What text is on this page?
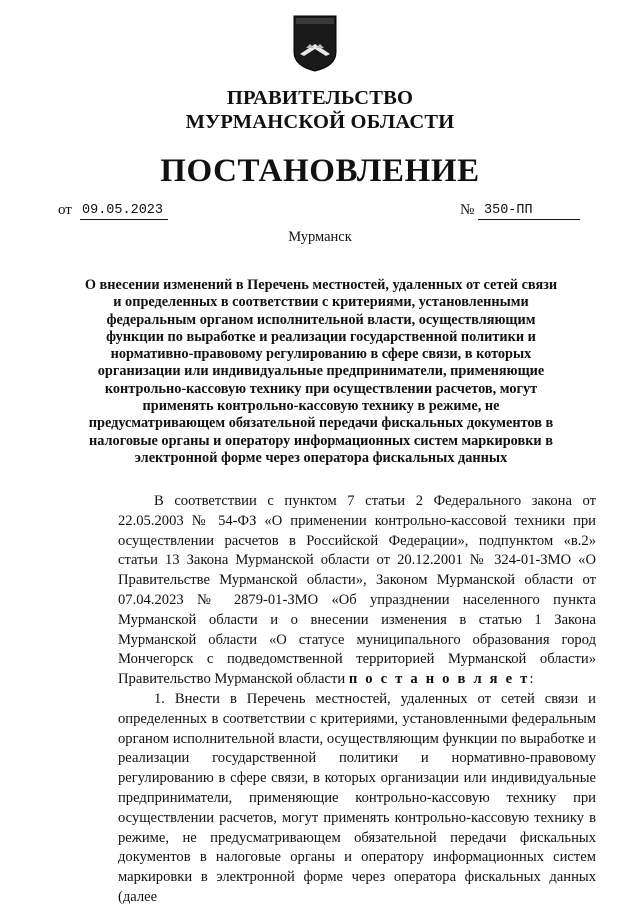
ПРАВИТЕЛЬСТВО
МУРМАНСКОЙ ОБЛАСТИ
ПОСТАНОВЛЕНИЕ
от 09.05.2023	№ 350-ПП
Мурманск
О внесении изменений в Перечень местностей, удаленных от сетей связи и определенных в соответствии с критериями, установленными федеральным органом исполнительной власти, осуществляющим функции по выработке и реализации государственной политики и нормативно-правовому регулированию в сфере связи, в которых организации или индивидуальные предприниматели, применяющие контрольно-кассовую технику при осуществлении расчетов, могут применять контрольно-кассовую технику в режиме, не предусматривающем обязательной передачи фискальных документов в налоговые органы и оператору информационных систем маркировки в электронной форме через оператора фискальных данных

В соответствии с пунктом 7 статьи 2 Федерального закона от 22.05.2003 № 54-ФЗ «О применении контрольно-кассовой техники при осуществлении расчетов в Российской Федерации», подпунктом «в.2» статьи 13 Закона Мурманской области от 20.12.2001 № 324-01-ЗМО «О Правительстве Мурманской области», Законом Мурманской области от 07.04.2023 № 2879-01-ЗМО «Об упразднении населенного пункта Мурманской области и о внесении изменения в статью 1 Закона Мурманской области «О статусе муниципального образования город Мончегорск с подведомственной территорией Мурманской области» Правительство Мурманской области п о с т а н о в л я е т:

1. Внести в Перечень местностей, удаленных от сетей связи и определенных в соответствии с критериями, установленными федеральным органом исполнительной власти, осуществляющим функции по выработке и реализации государственной политики и нормативно-правовому регулированию в сфере связи, в которых организации или индивидуальные предприниматели, применяющие контрольно-кассовую технику при осуществлении расчетов, могут применять контрольно-кассовую технику в режиме, не предусматривающем обязательной передачи фискальных документов в налоговые органы и оператору информационных систем маркировки в электронной форме через оператора фискальных данных (далее
